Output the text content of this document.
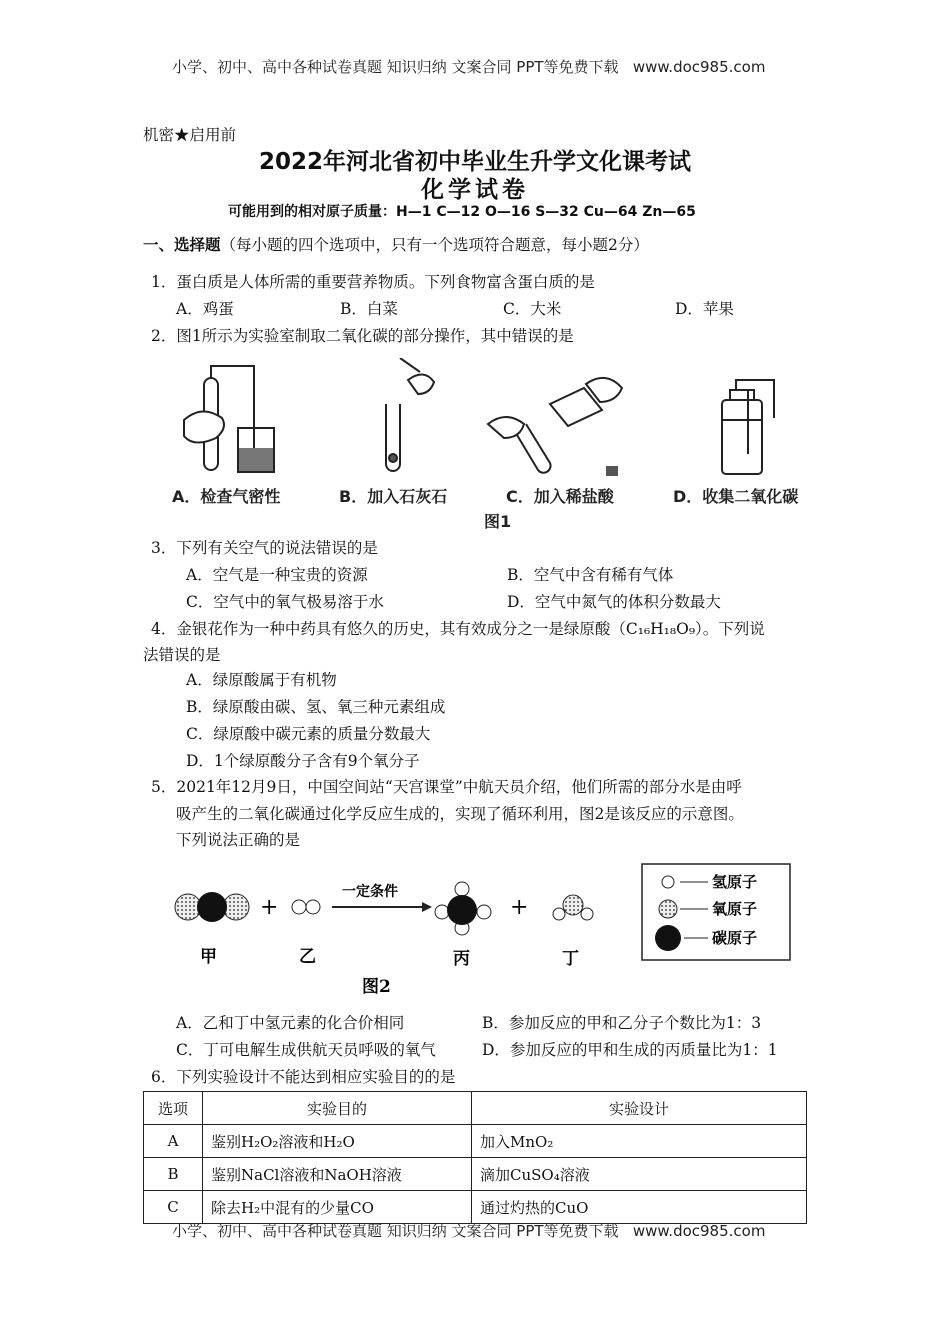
小学、初中、高中各种试卷真题 知识归纳 文案合同 PPT等免费下载 www.doc985.com
机密★启用前
2022年河北省初中毕业生升学文化课考试
化学试卷
可能用到的相对原子质量：H—1 C—12 O—16 S—32 Cu—64 Zn—65
一、选择题（每小题的四个选项中，只有一个选项符合题意，每小题2分）
1．蛋白质是人体所需的重要营养物质。下列食物富含蛋白质的是
A．鸡蛋	B．白菜	C．大米	D．苹果
2．图1所示为实验室制取二氧化碳的部分操作，其中错误的是
A．检查气密性	B．加入石灰石	C．加入稀盐酸	D．收集二氧化碳
图1
3．下列有关空气的说法错误的是
A．空气是一种宝贵的资源	B．空气中含有稀有气体
C．空气中的氧气极易溶于水	D．空气中氮气的体积分数最大
4．金银花作为一种中药具有悠久的历史，其有效成分之一是绿原酸（C₁₆H₁₈O₉）。下列说
法错误的是
A．绿原酸属于有机物
B．绿原酸由碳、氢、氧三种元素组成
C．绿原酸中碳元素的质量分数最大
D．1个绿原酸分子含有9个氧分子
5．2021年12月9日，中国空间站“天宫课堂”中航天员介绍，他们所需的部分水是由呼
吸产生的二氧化碳通过化学反应生成的，实现了循环利用，图2是该反应的示意图。
下列说法正确的是
+
一定条件
+
甲	乙	丙	丁
图2
氢原子
氧原子
碳原子
A．乙和丁中氢元素的化合价相同	B．参加反应的甲和乙分子个数比为1：3
C．丁可电解生成供航天员呼吸的氧气	D．参加反应的甲和生成的丙质量比为1：1
6．下列实验设计不能达到相应实验目的的是
选项	实验目的	实验设计
A	鉴别H₂O₂溶液和H₂O	加入MnO₂
B	鉴别NaCl溶液和NaOH溶液	滴加CuSO₄溶液
C	除去H₂中混有的少量CO	通过灼热的CuO
小学、初中、高中各种试卷真题 知识归纳 文案合同 PPT等免费下载 www.doc985.com
